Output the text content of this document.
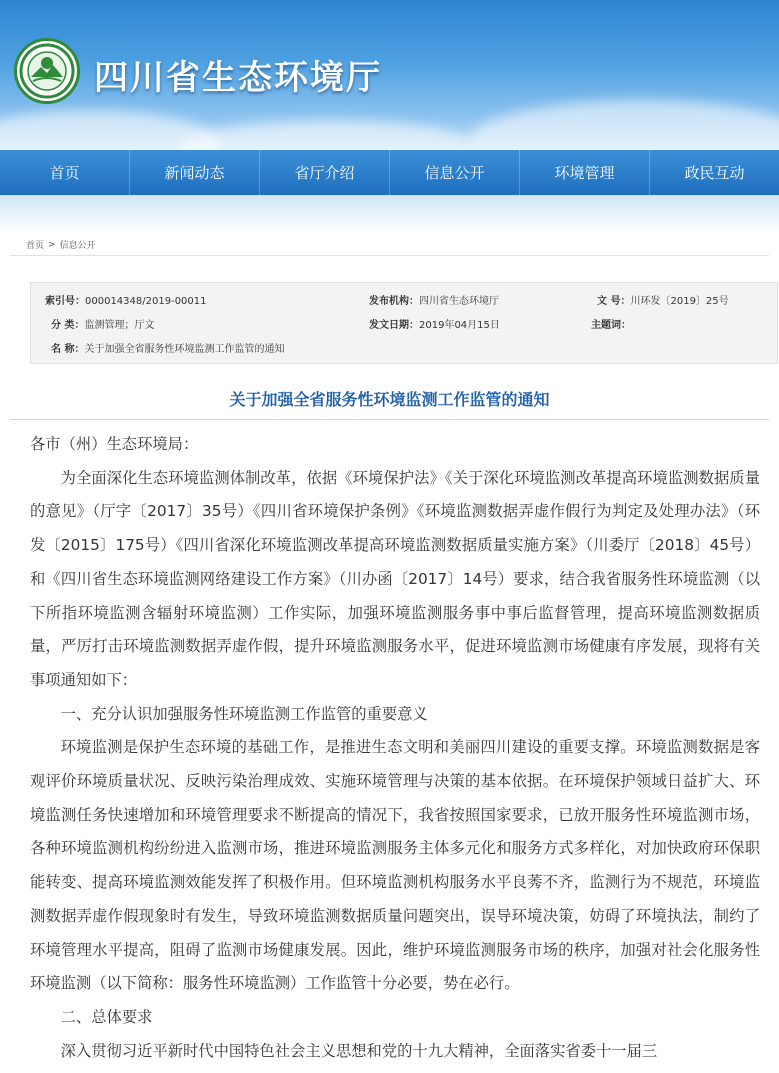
四川省生态环境厅
首页	新闻动态	省厅介绍	信息公开	环境管理	政民互动
首页 > 信息公开
索引号：000014348/2019-00011	发布机构：四川省生态环境厅	文 号：川环发〔2019〕25号
分 类：监测管理；厅文	发文日期：2019年04月15日	主题词：
名 称：关于加强全省服务性环境监测工作监管的通知
关于加强全省服务性环境监测工作监管的通知

各市（州）生态环境局：

为全面深化生态环境监测体制改革，依据《环境保护法》《关于深化环境监测改革提高环境监测数据质量的意见》（厅字〔2017〕35号）《四川省环境保护条例》《环境监测数据弄虚作假行为判定及处理办法》（环发〔2015〕175号）《四川省深化环境监测改革提高环境监测数据质量实施方案》（川委厅〔2018〕45号）和《四川省生态环境监测网络建设工作方案》（川办函〔2017〕14号）要求，结合我省服务性环境监测（以下所指环境监测含辐射环境监测）工作实际，加强环境监测服务事中事后监督管理，提高环境监测数据质量，严厉打击环境监测数据弄虚作假，提升环境监测服务水平，促进环境监测市场健康有序发展，现将有关事项通知如下：

一、充分认识加强服务性环境监测工作监管的重要意义

环境监测是保护生态环境的基础工作，是推进生态文明和美丽四川建设的重要支撑。环境监测数据是客观评价环境质量状况、反映污染治理成效、实施环境管理与决策的基本依据。在环境保护领域日益扩大、环境监测任务快速增加和环境管理要求不断提高的情况下，我省按照国家要求，已放开服务性环境监测市场，各种环境监测机构纷纷进入监测市场，推进环境监测服务主体多元化和服务方式多样化，对加快政府环保职能转变、提高环境监测效能发挥了积极作用。但环境监测机构服务水平良莠不齐，监测行为不规范，环境监测数据弄虚作假现象时有发生，导致环境监测数据质量问题突出，误导环境决策，妨碍了环境执法，制约了环境管理水平提高，阻碍了监测市场健康发展。因此，维护环境监测服务市场的秩序，加强对社会化服务性环境监测（以下简称：服务性环境监测）工作监管十分必要，势在必行。

二、总体要求

深入贯彻习近平新时代中国特色社会主义思想和党的十九大精神，全面落实省委十一届三
